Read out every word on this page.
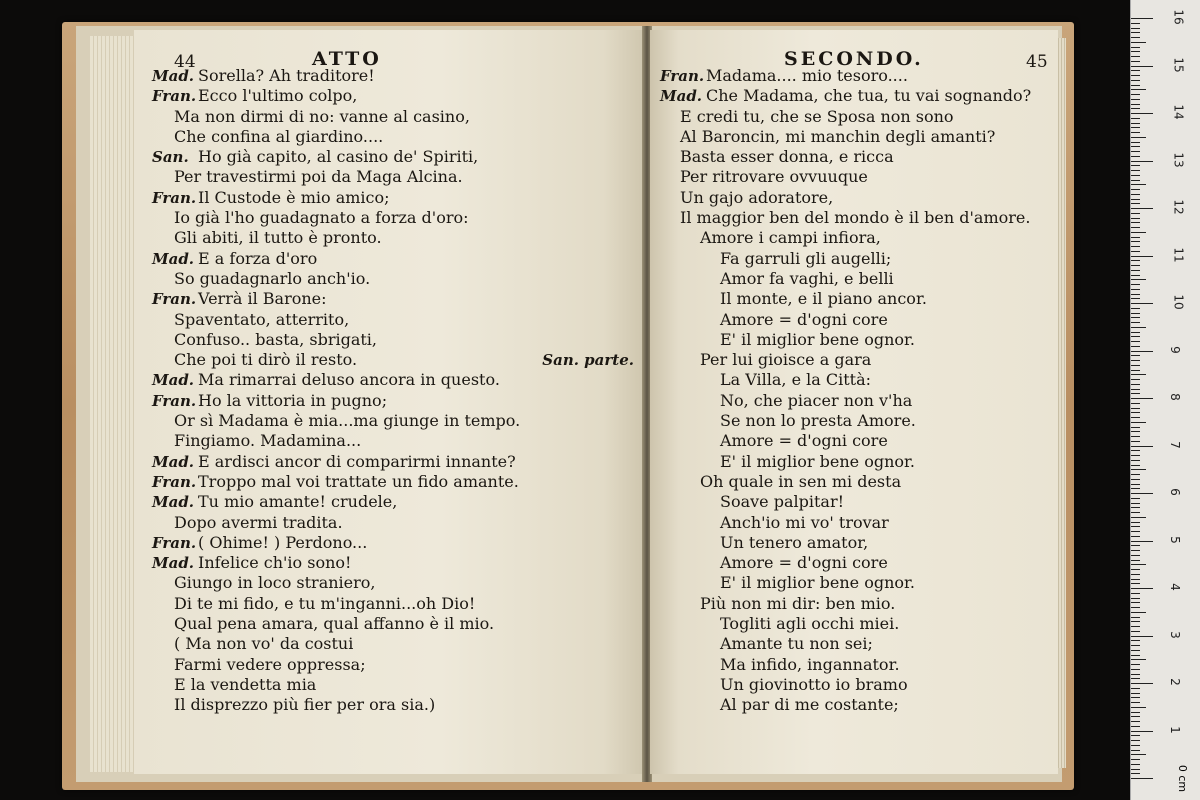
44	ATTO
Mad. Sorella? Ah traditore!
Fran. Ecco l'ultimo colpo,
Ma non dirmi di no: vanne al casino,
Che confina al giardino....
San. Ho già capito, al casino de' Spiriti,
Per travestirmi poi da Maga Alcina.
Fran. Il Custode è mio amico;
Io già l'ho guadagnato a forza d'oro:
Gli abiti, il tutto è pronto.
Mad. E a forza d'oro
So guadagnarlo anch'io.
Fran. Verrà il Barone:
Spaventato, atterrito,
Confuso.. basta, sbrigati,
Che poi ti dirò il resto.	San. parte.
Mad. Ma rimarrai deluso ancora in questo.
Fran. Ho la vittoria in pugno;
Or sì Madama è mia...ma giunge in tempo.
Fingiamo. Madamina...
Mad. E ardisci ancor di comparirmi innante?
Fran. Troppo mal voi trattate un fido amante.
Mad. Tu mio amante! crudele,
Dopo avermi tradita.
Fran. ( Ohime! ) Perdono...
Mad. Infelice ch'io sono!
Giungo in loco straniero,
Di te mi fido, e tu m'inganni...oh Dio!
Qual pena amara, qual affanno è il mio.
( Ma non vo' da costui
Farmi vedere oppressa;
E la vendetta mia
Il disprezzo più fier per ora sia.)
SECONDO.	45
Fran. Madama.... mio tesoro....
Mad. Che Madama, che tua, tu vai sognando?
E credi tu, che se Sposa non sono
Al Baroncin, mi manchin degli amanti?
Basta esser donna, e ricca
Per ritrovare ovvuuque
Un gajo adoratore,
Il maggior ben del mondo è il ben d'amore.
Amore i campi infiora,
Fa garruli gli augelli;
Amor fa vaghi, e belli
Il monte, e il piano ancor.
Amore = d'ogni core
E' il miglior bene ognor.
Per lui gioisce a gara
La Villa, e la Città:
No, che piacer non v'ha
Se non lo presta Amore.
Amore = d'ogni core
E' il miglior bene ognor.
Oh quale in sen mi desta
Soave palpitar!
Anch'io mi vo' trovar
Un tenero amator,
Amore = d'ogni core
E' il miglior bene ognor.
Più non mi dir: ben mio.
Togliti agli occhi miei.
Amante tu non sei;
Ma infido, ingannator.
Un giovinotto io bramo
Al par di me costante;
0 cm
1
2
3
4
5
6
7
8
9
10
11
12
13
14
15
16
